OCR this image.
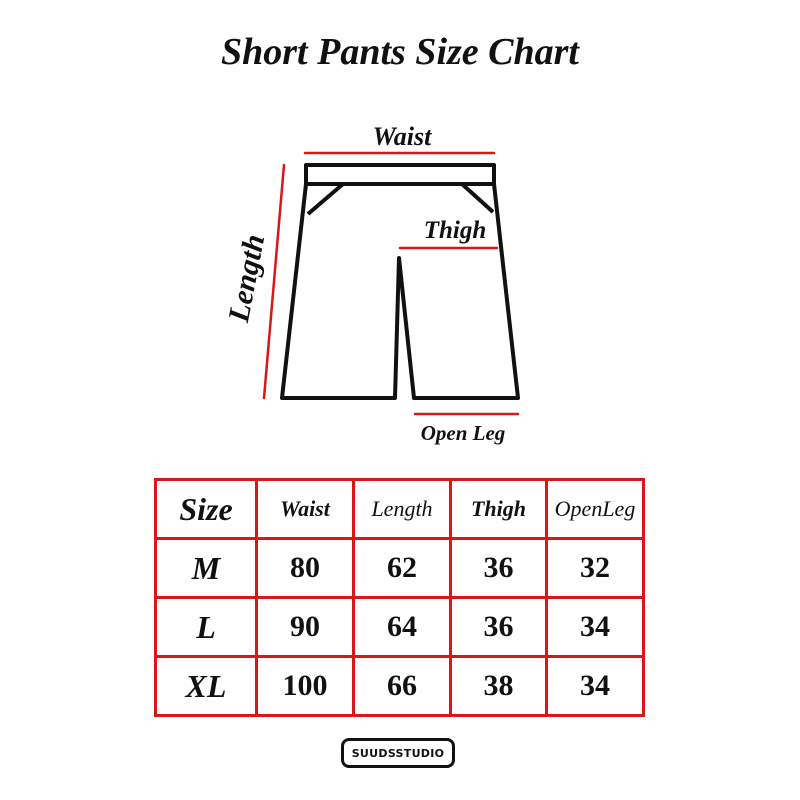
Short Pants Size Chart
Waist
Thigh
Length
Open Leg
Size	Waist	Length	Thigh	OpenLeg
M	80	62	36	32
L	90	64	36	34
XL	100	66	38	34
SUUDSSTUDIO
